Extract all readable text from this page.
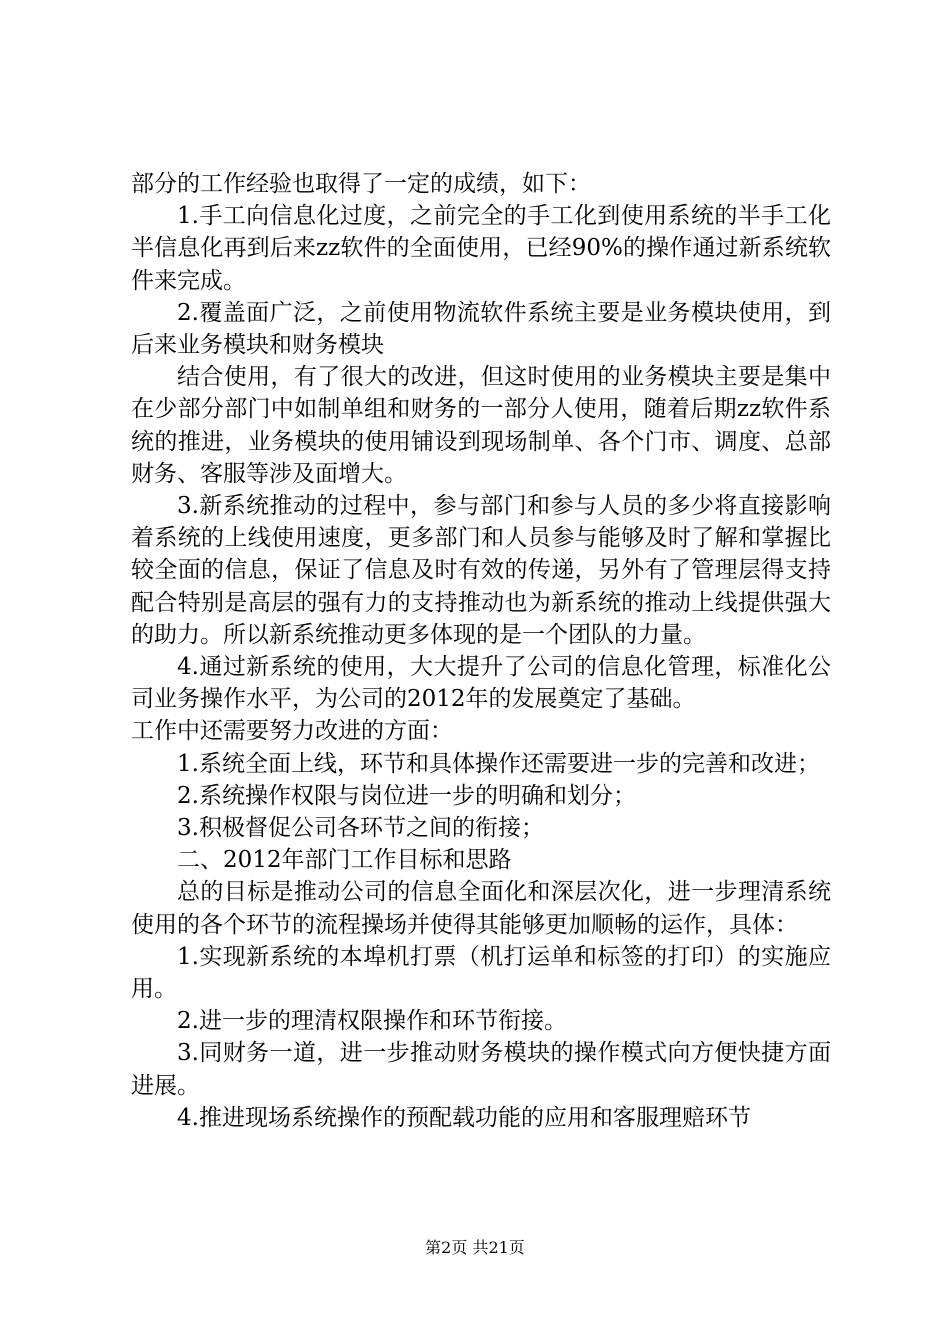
部分的工作经验也取得了一定的成绩，如下：

1.手工向信息化过度，之前完全的手工化到使用系统的半手工化半信息化再到后来zz软件的全面使用，已经90%的操作通过新系统软件来完成。

2.覆盖面广泛，之前使用物流软件系统主要是业务模块使用，到后来业务模块和财务模块

结合使用，有了很大的改进，但这时使用的业务模块主要是集中在少部分部门中如制单组和财务的一部分人使用，随着后期zz软件系统的推进，业务模块的使用铺设到现场制单、各个门市、调度、总部财务、客服等涉及面增大。

3.新系统推动的过程中，参与部门和参与人员的多少将直接影响着系统的上线使用速度，更多部门和人员参与能够及时了解和掌握比较全面的信息，保证了信息及时有效的传递，另外有了管理层得支持配合特别是高层的强有力的支持推动也为新系统的推动上线提供强大的助力。所以新系统推动更多体现的是一个团队的力量。

4.通过新系统的使用，大大提升了公司的信息化管理，标准化公司业务操作水平，为公司的2012年的发展奠定了基础。

工作中还需要努力改进的方面：

1.系统全面上线，环节和具体操作还需要进一步的完善和改进；

2.系统操作权限与岗位进一步的明确和划分；

3.积极督促公司各环节之间的衔接；

二、2012年部门工作目标和思路

总的目标是推动公司的信息全面化和深层次化，进一步理清系统使用的各个环节的流程操场并使得其能够更加顺畅的运作，具体：

1.实现新系统的本埠机打票（机打运单和标签的打印）的实施应用。

2.进一步的理清权限操作和环节衔接。

3.同财务一道，进一步推动财务模块的操作模式向方便快捷方面进展。

4.推进现场系统操作的预配载功能的应用和客服理赔环节

第2页 共21页
